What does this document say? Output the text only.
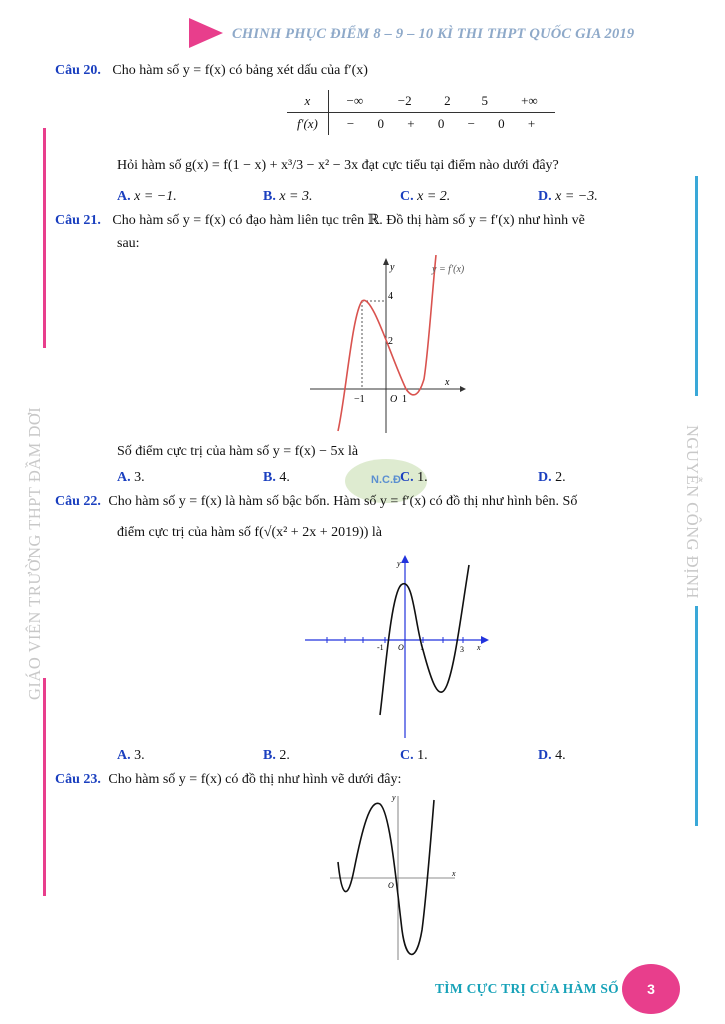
CHINH PHỤC ĐIỂM 8 – 9 – 10 KÌ THI THPT QUỐC GIA 2019
GIÁO VIÊN TRƯỜNG THPT ĐẦM DƠI	NGUYỄN CÔNG ĐỊNH
Câu 20. Cho hàm số y = f(x) có bảng xét dấu của f′(x)
x	−∞	−2	2	5	+∞
f′(x)	− 0 + 0 − 0 +				
Hỏi hàm số g(x) = f(1 − x) + x³/3 − x² − 3x đạt cực tiểu tại điểm nào dưới đây?
A. x = −1.	B. x = 3.	C. x = 2.	D. x = −3.
Câu 21. Cho hàm số y = f(x) có đạo hàm liên tục trên ℝ. Đồ thị hàm số y = f′(x) như hình vẽ
sau:
y
x
4
2
−1	O 1
y = f′(x)
Số điểm cực trị của hàm số y = f(x) − 5x là
N.C.Đ
A. 3.	B. 4.	C. 1.	D. 2.
Câu 22. Cho hàm số y = f(x) là hàm số bậc bốn. Hàm số y = f′(x) có đồ thị như hình bên. Số
điểm cực trị của hàm số f(√(x² + 2x + 2019)) là
y
x
-1 O 1	3
A. 3.	B. 2.	C. 1.	D. 4.
Câu 23. Cho hàm số y = f(x) có đồ thị như hình vẽ dưới đây:
y
x
O
TÌM CỰC TRỊ CỦA HÀM SỐ	3
